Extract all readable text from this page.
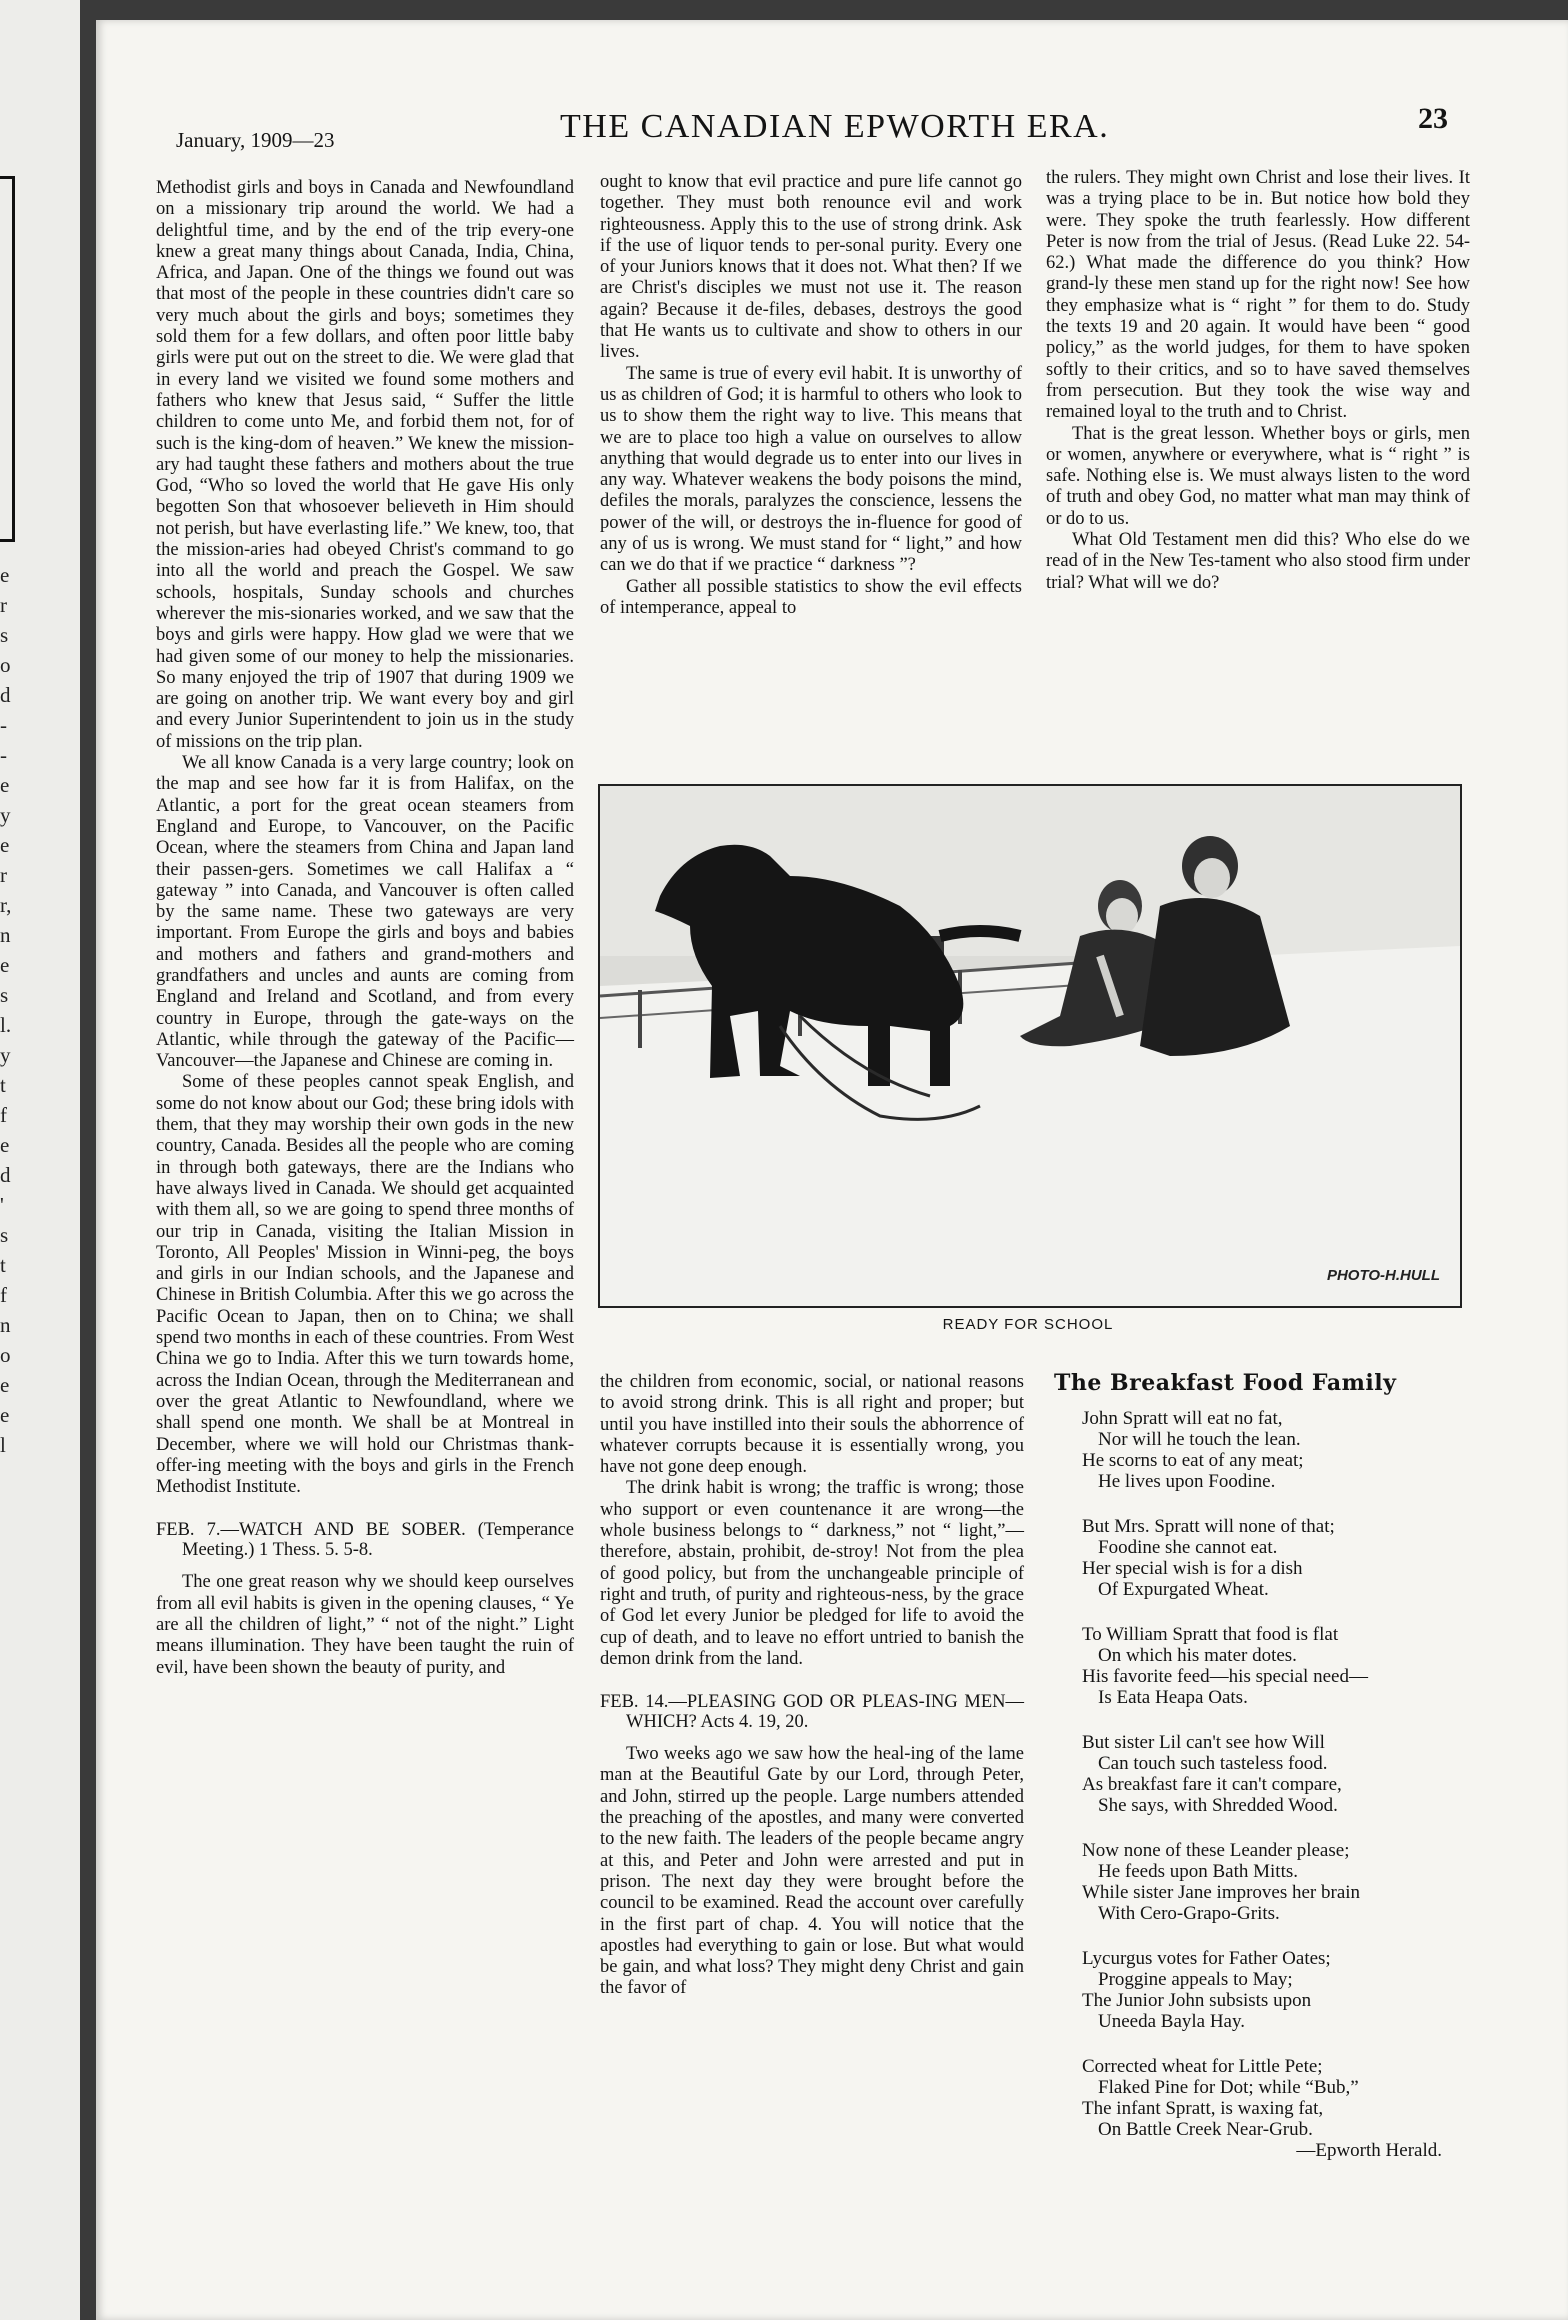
e
r
s
o
d
-
-
e
y
e
r
r,
n
e
s
l.
y
t
f
e
d
'
s
t
f
n
o
e
e
l
January, 1909—23	THE CANADIAN EPWORTH ERA.	23

Methodist girls and boys in Canada and Newfoundland on a missionary trip around the world. We had a delightful time, and by the end of the trip every-one knew a great many things about Canada, India, China, Africa, and Japan. One of the things we found out was that most of the people in these countries didn't care so very much about the girls and boys; sometimes they sold them for a few dollars, and often poor little baby girls were put out on the street to die. We were glad that in every land we visited we found some mothers and fathers who knew that Jesus said, “ Suffer the little children to come unto Me, and forbid them not, for of such is the king-dom of heaven.” We knew the mission-ary had taught these fathers and mothers about the true God, “Who so loved the world that He gave His only begotten Son that whosoever believeth in Him should not perish, but have everlasting life.” We knew, too, that the mission-aries had obeyed Christ's command to go into all the world and preach the Gospel. We saw schools, hospitals, Sunday schools and churches wherever the mis-sionaries worked, and we saw that the boys and girls were happy. How glad we were that we had given some of our money to help the missionaries. So many enjoyed the trip of 1907 that during 1909 we are going on another trip. We want every boy and girl and every Junior Superintendent to join us in the study of missions on the trip plan.

We all know Canada is a very large country; look on the map and see how far it is from Halifax, on the Atlantic, a port for the great ocean steamers from England and Europe, to Vancouver, on the Pacific Ocean, where the steamers from China and Japan land their passen-gers. Sometimes we call Halifax a “ gateway ” into Canada, and Vancouver is often called by the same name. These two gateways are very important. From Europe the girls and boys and babies and mothers and fathers and grand-mothers and grandfathers and uncles and aunts are coming from England and Ireland and Scotland, and from every country in Europe, through the gate-ways on the Atlantic, while through the gateway of the Pacific—Vancouver—the Japanese and Chinese are coming in.

Some of these peoples cannot speak English, and some do not know about our God; these bring idols with them, that they may worship their own gods in the new country, Canada. Besides all the people who are coming in through both gateways, there are the Indians who have always lived in Canada. We should get acquainted with them all, so we are going to spend three months of our trip in Canada, visiting the Italian Mission in Toronto, All Peoples' Mission in Winni-peg, the boys and girls in our Indian schools, and the Japanese and Chinese in British Columbia. After this we go across the Pacific Ocean to Japan, then on to China; we shall spend two months in each of these countries. From West China we go to India. After this we turn towards home, across the Indian Ocean, through the Mediterranean and over the great Atlantic to Newfoundland, where we shall spend one month. We shall be at Montreal in December, where we will hold our Christmas thank-offer-ing meeting with the boys and girls in the French Methodist Institute.

FEB. 7.—WATCH AND BE SOBER. (Temperance Meeting.) 1 Thess. 5. 5-8.

The one great reason why we should keep ourselves from all evil habits is given in the opening clauses, “ Ye are all the children of light,” “ not of the night.” Light means illumination. They have been taught the ruin of evil, have been shown the beauty of purity, and

ought to know that evil practice and pure life cannot go together. They must both renounce evil and work righteousness. Apply this to the use of strong drink. Ask if the use of liquor tends to per-sonal purity. Every one of your Juniors knows that it does not. What then? If we are Christ's disciples we must not use it. The reason again? Because it de-files, debases, destroys the good that He wants us to cultivate and show to others in our lives.

The same is true of every evil habit. It is unworthy of us as children of God; it is harmful to others who look to us to show them the right way to live. This means that we are to place too high a value on ourselves to allow anything that would degrade us to enter into our lives in any way. Whatever weakens the body poisons the mind, defiles the morals, paralyzes the conscience, lessens the power of the will, or destroys the in-fluence for good of any of us is wrong. We must stand for “ light,” and how can we do that if we practice “ darkness ”?

Gather all possible statistics to show the evil effects of intemperance, appeal to

the rulers. They might own Christ and lose their lives. It was a trying place to be in. But notice how bold they were. They spoke the truth fearlessly. How different Peter is now from the trial of Jesus. (Read Luke 22. 54-62.) What made the difference do you think? How grand-ly these men stand up for the right now! See how they emphasize what is “ right ” for them to do. Study the texts 19 and 20 again. It would have been “ good policy,” as the world judges, for them to have spoken softly to their critics, and so to have saved themselves from persecution. But they took the wise way and remained loyal to the truth and to Christ.

That is the great lesson. Whether boys or girls, men or women, anywhere or everywhere, what is “ right ” is safe. Nothing else is. We must always listen to the word of truth and obey God, no matter what man may think of or do to us.

What Old Testament men did this? Who else do we read of in the New Tes-tament who also stood firm under trial? What will we do?

PHOTO-H.HULL
READY FOR SCHOOL

the children from economic, social, or national reasons to avoid strong drink. This is all right and proper; but until you have instilled into their souls the abhorrence of whatever corrupts because it is essentially wrong, you have not gone deep enough.

The drink habit is wrong; the traffic is wrong; those who support or even countenance it are wrong—the whole business belongs to “ darkness,” not “ light,”—therefore, abstain, prohibit, de-stroy! Not from the plea of good policy, but from the unchangeable principle of right and truth, of purity and righteous-ness, by the grace of God let every Junior be pledged for life to avoid the cup of death, and to leave no effort untried to banish the demon drink from the land.

FEB. 14.—PLEASING GOD OR PLEAS-ING MEN—WHICH? Acts 4. 19, 20.

Two weeks ago we saw how the heal-ing of the lame man at the Beautiful Gate by our Lord, through Peter, and John, stirred up the people. Large numbers attended the preaching of the apostles, and many were converted to the new faith. The leaders of the people became angry at this, and Peter and John were arrested and put in prison. The next day they were brought before the council to be examined. Read the account over carefully in the first part of chap. 4. You will notice that the apostles had everything to gain or lose. But what would be gain, and what loss? They might deny Christ and gain the favor of

The Breakfast Food Family
John Spratt will eat no fat,
Nor will he touch the lean.
He scorns to eat of any meat;
He lives upon Foodine.
But Mrs. Spratt will none of that;
Foodine she cannot eat.
Her special wish is for a dish
Of Expurgated Wheat.
To William Spratt that food is flat
On which his mater dotes.
His favorite feed—his special need—
Is Eata Heapa Oats.
But sister Lil can't see how Will
Can touch such tasteless food.
As breakfast fare it can't compare,
She says, with Shredded Wood.
Now none of these Leander please;
He feeds upon Bath Mitts.
While sister Jane improves her brain
With Cero-Grapo-Grits.
Lycurgus votes for Father Oates;
Proggine appeals to May;
The Junior John subsists upon
Uneeda Bayla Hay.
Corrected wheat for Little Pete;
Flaked Pine for Dot; while “Bub,”
The infant Spratt, is waxing fat,
On Battle Creek Near-Grub.
—Epworth Herald.
